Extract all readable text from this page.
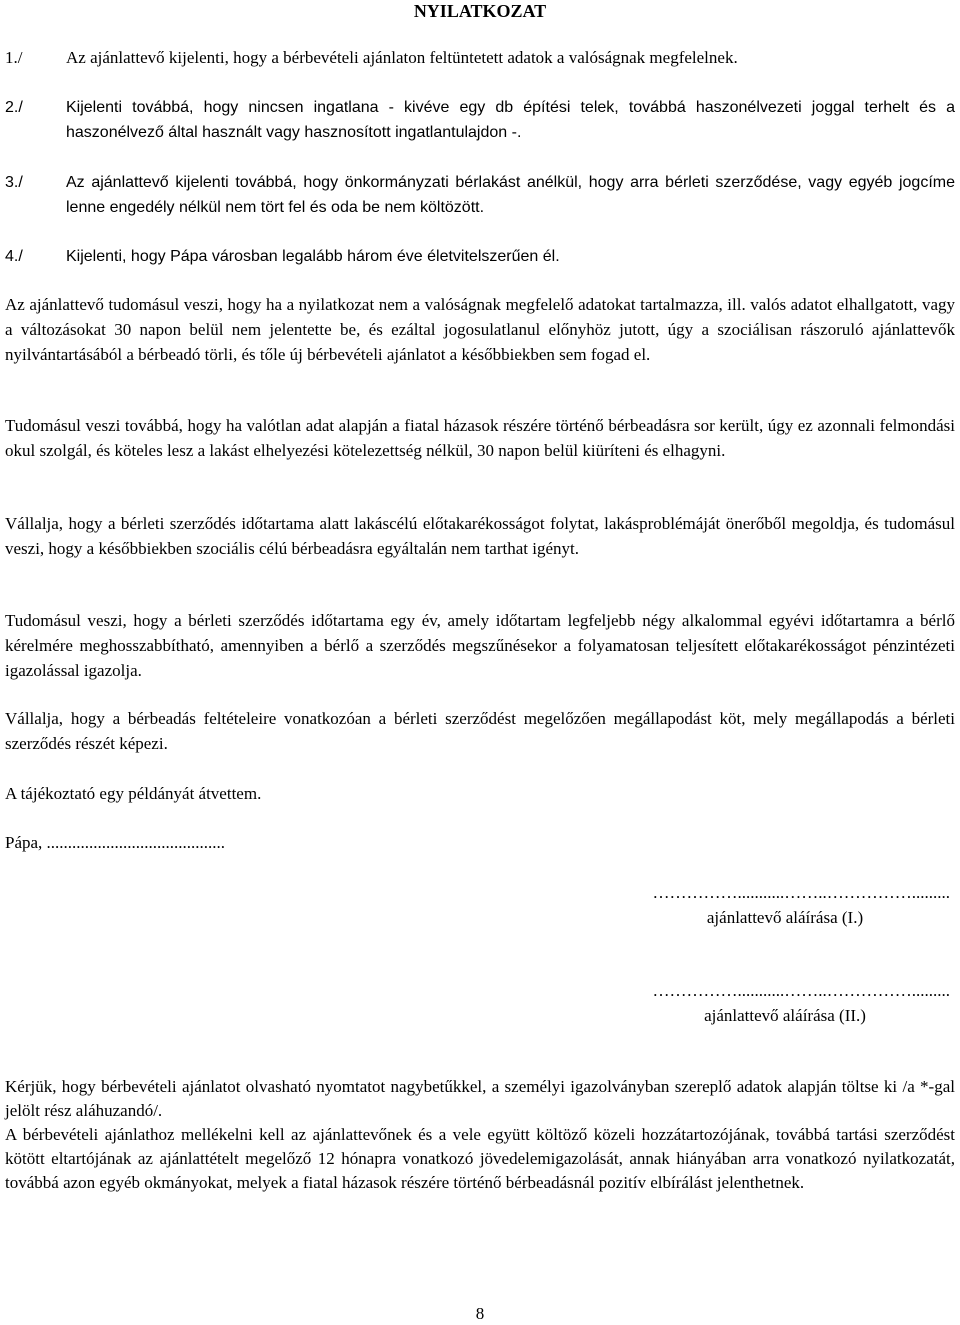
NYILATKOZAT
1./	Az ajánlattevő kijelenti, hogy a bérbevételi ajánlaton feltüntetett adatok a valóságnak megfelelnek.
2./	Kijelenti továbbá, hogy nincsen ingatlana - kivéve egy db építési telek, továbbá haszonélvezeti joggal terhelt és a haszonélvező által használt vagy hasznosított ingatlantulajdon -.
3./	Az ajánlattevő kijelenti továbbá, hogy önkormányzati bérlakást anélkül, hogy arra bérleti szerződése, vagy egyéb jogcíme lenne engedély nélkül nem tört fel és oda be nem költözött.
4./	Kijelenti, hogy Pápa városban legalább három éve életvitelszerűen él.
Az ajánlattevő tudomásul veszi, hogy ha a nyilatkozat nem a valóságnak megfelelő adatokat tartalmazza, ill. valós adatot elhallgatott, vagy a változásokat 30 napon belül nem jelentette be, és ezáltal jogosulatlanul előnyhöz jutott, úgy a szociálisan rászoruló ajánlattevők nyilvántartásából a bérbeadó törli, és tőle új bérbevételi ajánlatot a későbbiekben sem fogad el.
Tudomásul veszi továbbá, hogy ha valótlan adat alapján a fiatal házasok részére történő bérbeadásra sor került, úgy ez azonnali felmondási okul szolgál, és köteles lesz a lakást elhelyezési kötelezettség nélkül, 30 napon belül kiüríteni és elhagyni.
Vállalja, hogy a bérleti szerződés időtartama alatt lakáscélú előtakarékosságot folytat, lakásproblémáját önerőből megoldja, és tudomásul veszi, hogy a későbbiekben szociális célú bérbeadásra egyáltalán nem tarthat igényt.
Tudomásul veszi, hogy a bérleti szerződés időtartama egy év, amely időtartam legfeljebb négy alkalommal egyévi időtartamra a bérlő kérelmére meghosszabbítható, amennyiben a bérlő a szerződés megszűnésekor a folyamatosan teljesített előtakarékosságot pénzintézeti igazolással igazolja.
Vállalja, hogy a bérbeadás feltételeire vonatkozóan a bérleti szerződést megelőzően megállapodást köt, mely megállapodás a bérleti szerződés részét képezi.
A tájékoztató egy példányát átvettem.
Pápa, ..........................................
……………...........……..…………….........
ajánlattevő aláírása (I.)
……………...........……..…………….........
ajánlattevő aláírása (II.)
Kérjük, hogy bérbevételi ajánlatot olvasható nyomtatot nagybetűkkel, a személyi igazolványban szereplő adatok alapján töltse ki /a *-gal jelölt rész aláhuzandó/.
A bérbevételi ajánlathoz mellékelni kell az ajánlattevőnek és a vele együtt költöző közeli hozzátartozójának, továbbá tartási szerződést kötött eltartójának az ajánlattételt megelőző 12 hónapra vonatkozó jövedelemigazolását, annak hiányában arra vonatkozó nyilatkozatát, továbbá azon egyéb okmányokat, melyek a fiatal házasok részére történő bérbeadásnál pozitív elbírálást jelenthetnek.
8
